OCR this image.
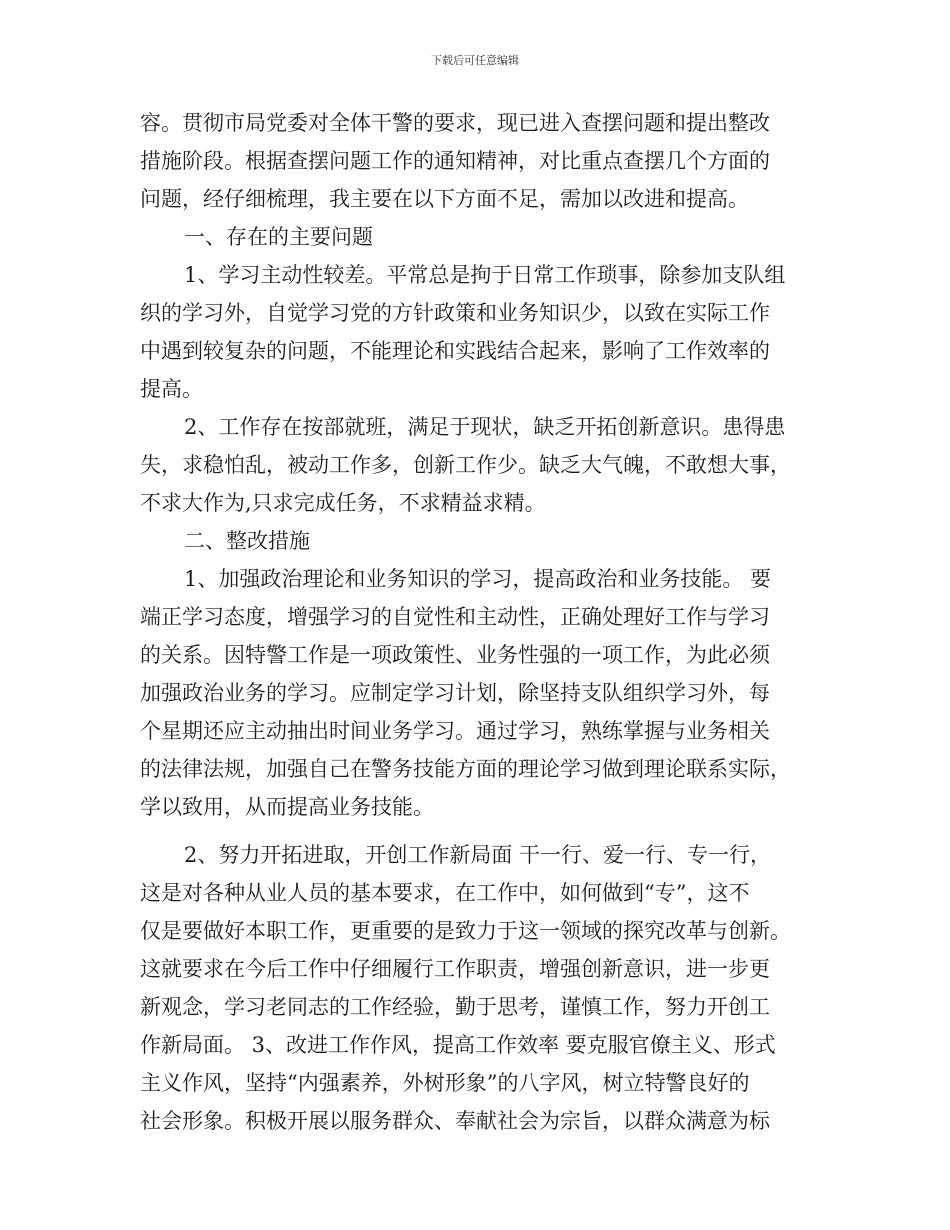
下载后可任意编辑
容。贯彻市局党委对全体干警的要求，现已进入查摆问题和提出整改
措施阶段。根据查摆问题工作的通知精神，对比重点查摆几个方面的
问题，经仔细梳理，我主要在以下方面不足，需加以改进和提高。
一、存在的主要问题
1、学习主动性较差。平常总是拘于日常工作琐事，除参加支队组
织的学习外，自觉学习党的方针政策和业务知识少，以致在实际工作
中遇到较复杂的问题，不能理论和实践结合起来，影响了工作效率的
提高。
2、工作存在按部就班，满足于现状，缺乏开拓创新意识。患得患
失，求稳怕乱，被动工作多，创新工作少。缺乏大气魄，不敢想大事，
不求大作为,只求完成任务，不求精益求精。
二、整改措施
1、加强政治理论和业务知识的学习，提高政治和业务技能。 要
端正学习态度，增强学习的自觉性和主动性，正确处理好工作与学习
的关系。因特警工作是一项政策性、业务性强的一项工作，为此必须
加强政治业务的学习。应制定学习计划，除坚持支队组织学习外，每
个星期还应主动抽出时间业务学习。通过学习，熟练掌握与业务相关
的法律法规，加强自己在警务技能方面的理论学习做到理论联系实际，
学以致用，从而提高业务技能。
2、努力开拓进取，开创工作新局面 干一行、爱一行、专一行，
这是对各种从业人员的基本要求，在工作中，如何做到“专”，这不
仅是要做好本职工作，更重要的是致力于这一领域的探究改革与创新。
这就要求在今后工作中仔细履行工作职责，增强创新意识，进一步更
新观念，学习老同志的工作经验，勤于思考，谨慎工作，努力开创工
作新局面。 3、改进工作作风，提高工作效率 要克服官僚主义、形式
主义作风，坚持“内强素养，外树形象”的八字风，树立特警良好的
社会形象。积极开展以服务群众、奉献社会为宗旨，以群众满意为标
